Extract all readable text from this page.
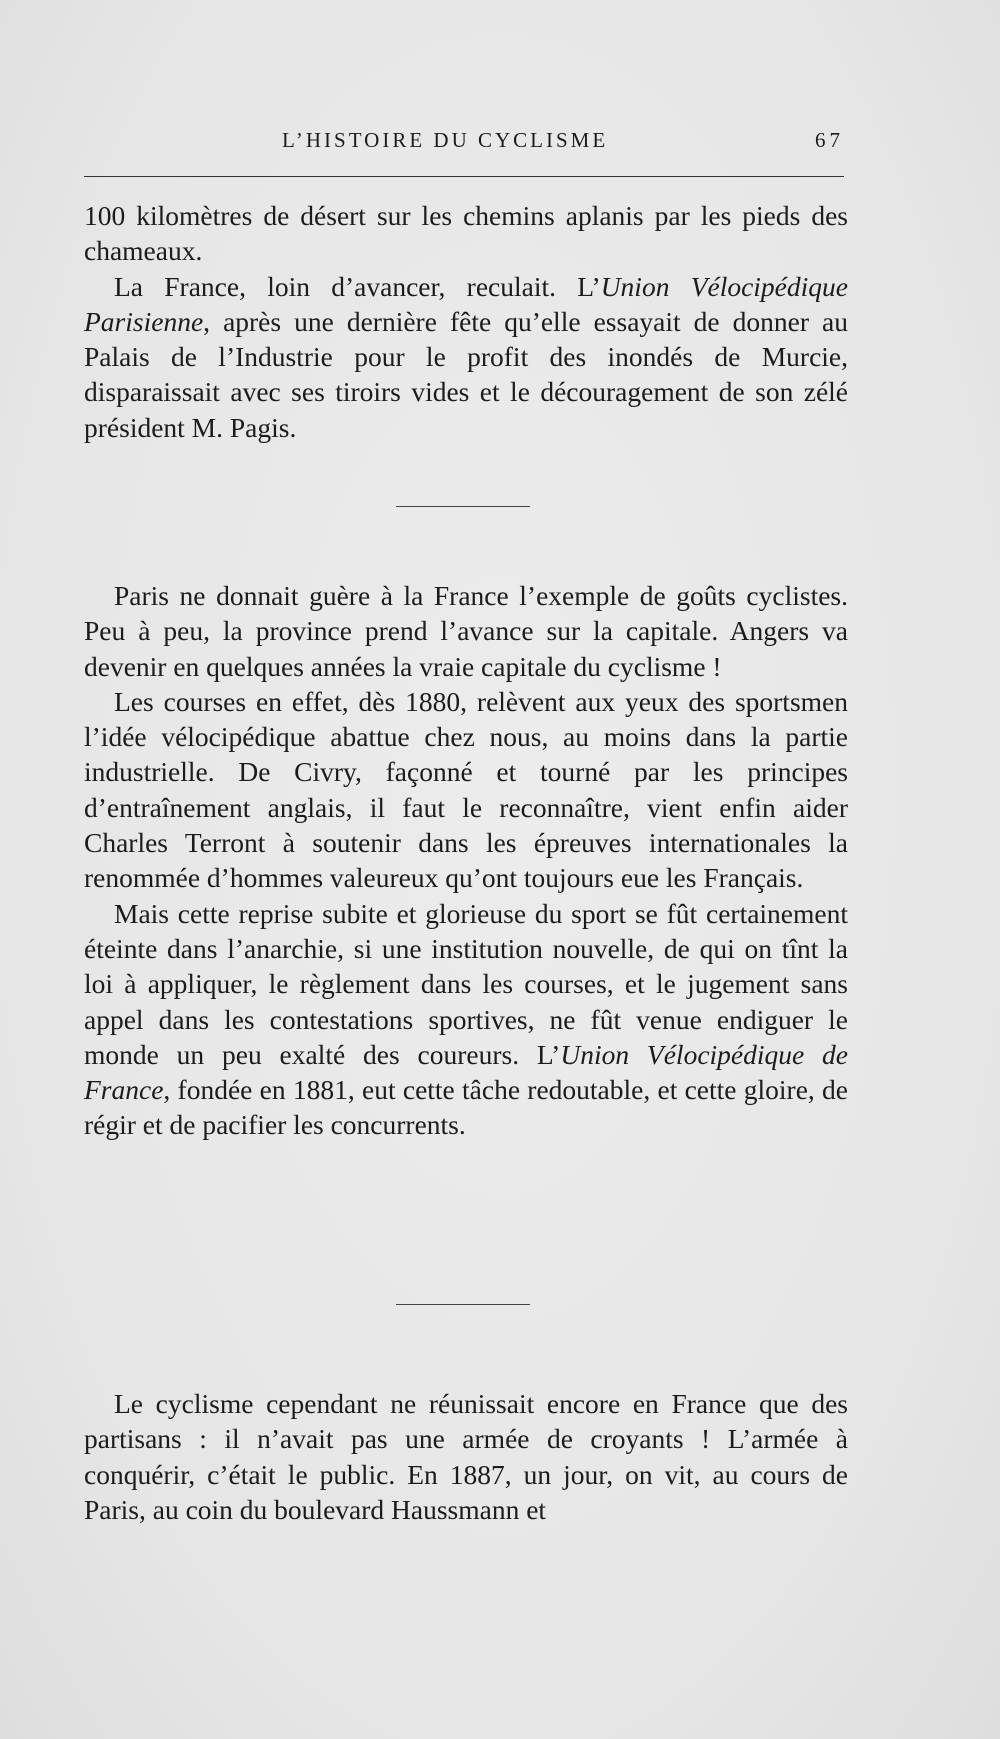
L’HISTOIRE DU CYCLISME	67

100 kilomètres de désert sur les chemins aplanis par les pieds des chameaux.

La France, loin d’avancer, reculait. L’Union Vélocipédique Parisienne, après une dernière fête qu’elle essayait de donner au Palais de l’Industrie pour le profit des inondés de Murcie, disparaissait avec ses tiroirs vides et le découragement de son zélé président M. Pagis.

Paris ne donnait guère à la France l’exemple de goûts cyclistes. Peu à peu, la province prend l’avance sur la capitale. Angers va devenir en quelques années la vraie capitale du cyclisme !

Les courses en effet, dès 1880, relèvent aux yeux des sportsmen l’idée vélocipédique abattue chez nous, au moins dans la partie industrielle. De Civry, façonné et tourné par les principes d’entraînement anglais, il faut le reconnaître, vient enfin aider Charles Terront à soutenir dans les épreuves internationales la renommée d’hommes valeureux qu’ont toujours eue les Français.

Mais cette reprise subite et glorieuse du sport se fût certainement éteinte dans l’anarchie, si une institution nouvelle, de qui on tînt la loi à appliquer, le règlement dans les courses, et le jugement sans appel dans les contestations sportives, ne fût venue endiguer le monde un peu exalté des coureurs. L’Union Vélocipédique de France, fondée en 1881, eut cette tâche redoutable, et cette gloire, de régir et de pacifier les concurrents.

Le cyclisme cependant ne réunissait encore en France que des partisans : il n’avait pas une armée de croyants ! L’armée à conquérir, c’était le public. En 1887, un jour, on vit, au cours de Paris, au coin du boulevard Haussmann et
